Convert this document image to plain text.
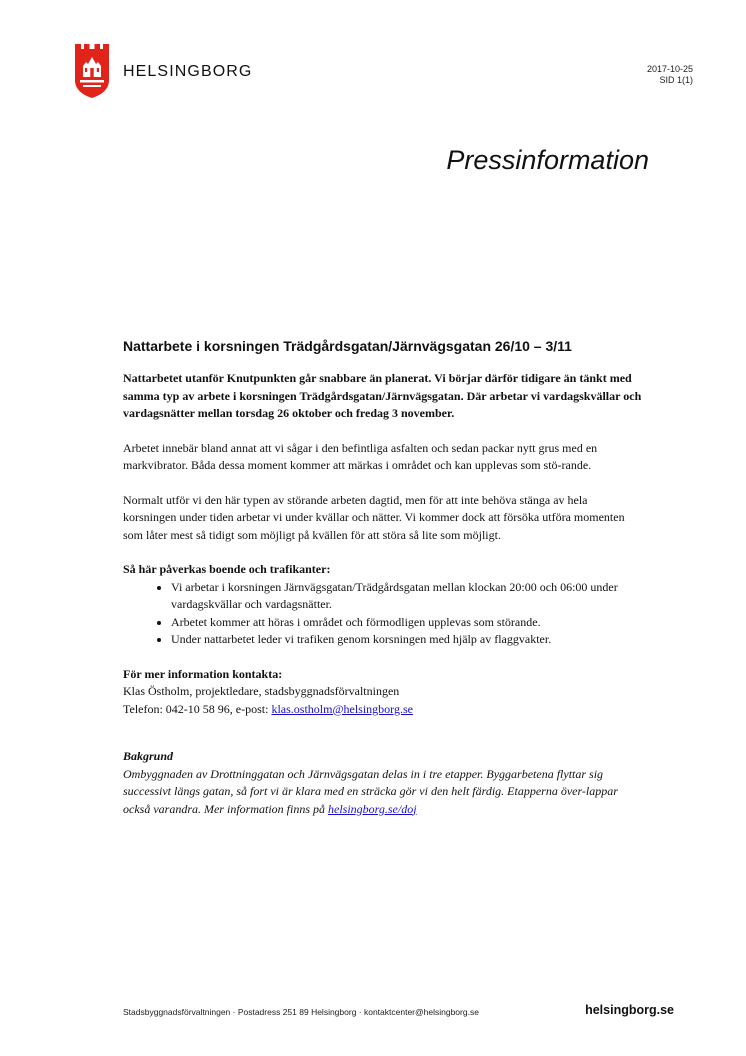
HELSINGBORG	2017-10-25
SID 1(1)
Pressinformation
Nattarbete i korsningen Trädgårdsgatan/Järnvägsgatan 26/10 – 3/11

Nattarbetet utanför Knutpunkten går snabbare än planerat. Vi börjar därför tidigare än tänkt med samma typ av arbete i korsningen Trädgårdsgatan/Järnvägsgatan. Där arbetar vi vardagskvällar och vardagsnätter mellan torsdag 26 oktober och fredag 3 november.

Arbetet innebär bland annat att vi sågar i den befintliga asfalten och sedan packar nytt grus med en markvibrator. Båda dessa moment kommer att märkas i området och kan upplevas som stö-rande.

Normalt utför vi den här typen av störande arbeten dagtid, men för att inte behöva stänga av hela korsningen under tiden arbetar vi under kvällar och nätter. Vi kommer dock att försöka utföra momenten som låter mest så tidigt som möjligt på kvällen för att störa så lite som möjligt.

Så här påverkas boende och trafikanter:
• Vi arbetar i korsningen Järnvägsgatan/Trädgårdsgatan mellan klockan 20:00 och 06:00 under vardagskvällar och vardagsnätter.
• Arbetet kommer att höras i området och förmodligen upplevas som störande.
• Under nattarbetet leder vi trafiken genom korsningen med hjälp av flaggvakter.
För mer information kontakta:
Klas Östholm, projektledare, stadsbyggnadsförvaltningen
Telefon: 042-10 58 96, e-post: klas.ostholm@helsingborg.se
Bakgrund

Ombyggnaden av Drottninggatan och Järnvägsgatan delas in i tre etapper. Byggarbetena flyttar sig successivt längs gatan, så fort vi är klara med en sträcka gör vi den helt färdig. Etapperna över-lappar också varandra. Mer information finns på helsingborg.se/doj

Stadsbyggnadsförvaltningen · Postadress 251 89 Helsingborg · kontaktcenter@helsingborg.se	helsingborg.se
